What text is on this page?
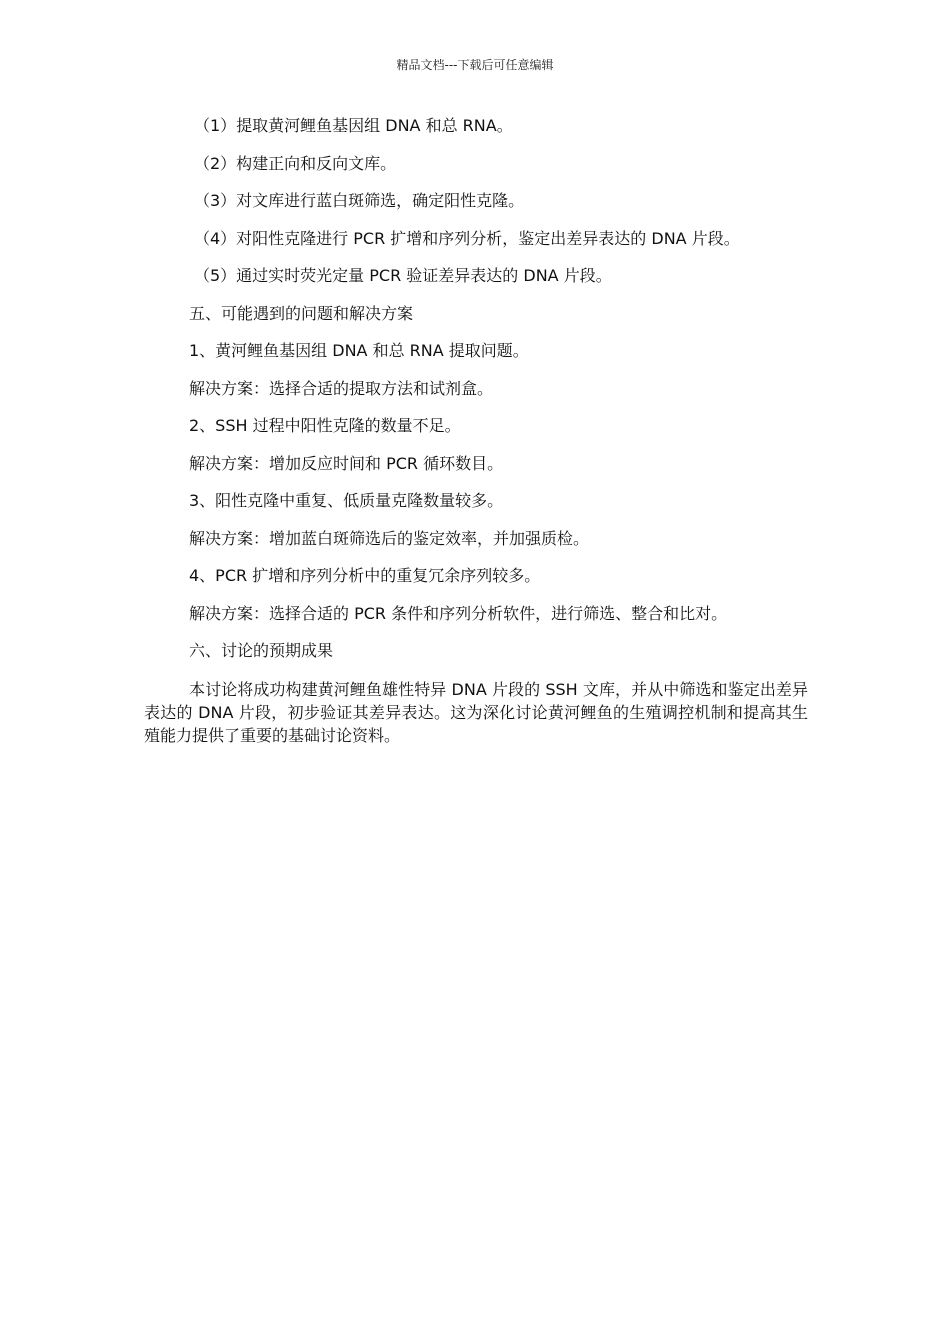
精品文档---下载后可任意编辑

（1）提取黄河鲤鱼基因组 DNA 和总 RNA。

（2）构建正向和反向文库。

（3）对文库进行蓝白斑筛选，确定阳性克隆。

（4）对阳性克隆进行 PCR 扩增和序列分析，鉴定出差异表达的 DNA 片段。

（5）通过实时荧光定量 PCR 验证差异表达的 DNA 片段。

五、可能遇到的问题和解决方案

1、黄河鲤鱼基因组 DNA 和总 RNA 提取问题。

解决方案：选择合适的提取方法和试剂盒。

2、SSH 过程中阳性克隆的数量不足。

解决方案：增加反应时间和 PCR 循环数目。

3、阳性克隆中重复、低质量克隆数量较多。

解决方案：增加蓝白斑筛选后的鉴定效率，并加强质检。

4、PCR 扩增和序列分析中的重复冗余序列较多。

解决方案：选择合适的 PCR 条件和序列分析软件，进行筛选、整合和比对。

六、讨论的预期成果

本讨论将成功构建黄河鲤鱼雄性特异 DNA 片段的 SSH 文库，并从中筛选和鉴定出差异表达的 DNA 片段，初步验证其差异表达。这为深化讨论黄河鲤鱼的生殖调控机制和提高其生殖能力提供了重要的基础讨论资料。
